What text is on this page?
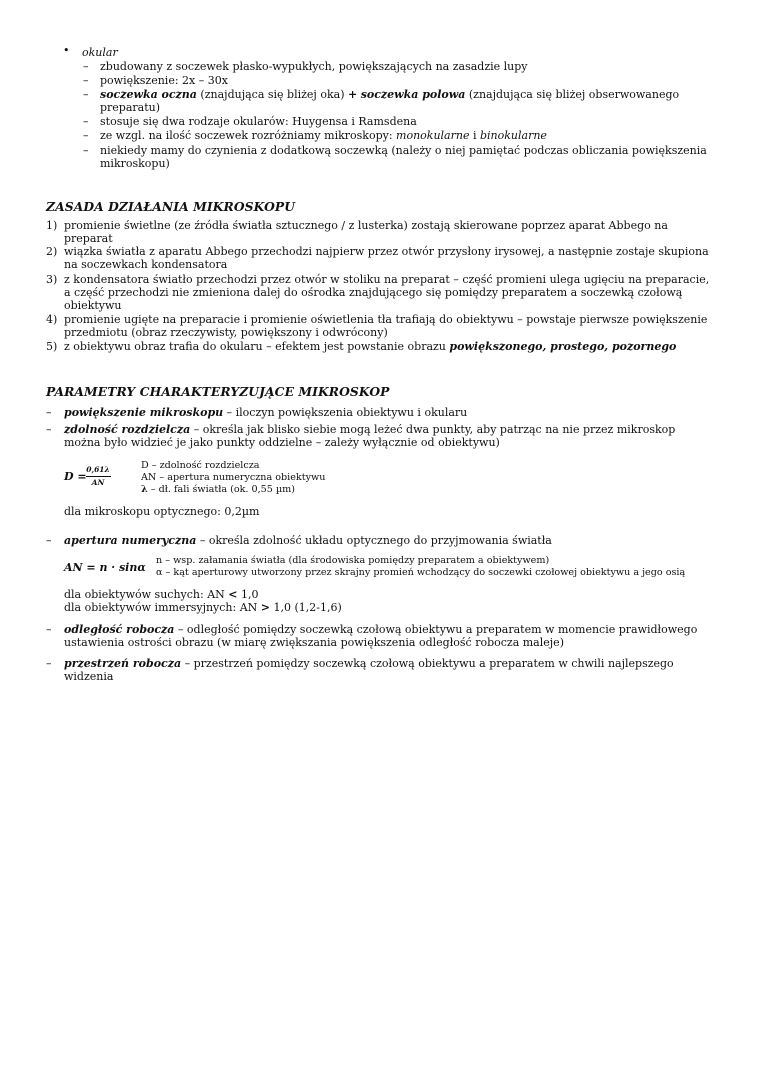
• okular
– zbudowany z soczewek płasko-wypukłych, powiększających na zasadzie lupy
– powiększenie: 2x – 30x
– soczewka oczna (znajdująca się bliżej oka) + soczewka polowa (znajdująca się bliżej obserwowanego
preparatu)
– stosuje się dwa rodzaje okularów: Huygensa i Ramsdena
– ze wzgl. na ilość soczewek rozróżniamy mikroskopy: monokularne i binokularne
– niekiedy mamy do czynienia z dodatkową soczewką (należy o niej pamiętać podczas obliczania powiększenia
mikroskopu)
ZASADA DZIAŁANIA MIKROSKOPU
1) promienie świetlne (ze źródła światła sztucznego / z lusterka) zostają skierowane poprzez aparat Abbego na
preparat
2) wiązka światła z aparatu Abbego przechodzi najpierw przez otwór przysłony irysowej, a następnie zostaje skupiona
na soczewkach kondensatora
3) z kondensatora światło przechodzi przez otwór w stoliku na preparat – część promieni ulega ugięciu na preparacie,
a część przechodzi nie zmieniona dalej do ośrodka znajdującego się pomiędzy preparatem a soczewką czołową
obiektywu
4) promienie ugięte na preparacie i promienie oświetlenia tła trafiają do obiektywu – powstaje pierwsze powiększenie
przedmiotu (obraz rzeczywisty, powiększony i odwrócony)
5) z obiektywu obraz trafia do okularu – efektem jest powstanie obrazu powiększonego, prostego, pozornego
PARAMETRY CHARAKTERYZUJĄCE MIKROSKOP
– powiększenie mikroskopu – iloczyn powiększenia obiektywu i okularu
– zdolność rozdzielcza – określa jak blisko siebie mogą leżeć dwa punkty, aby patrząc na nie przez mikroskop
można było widzieć je jako punkty oddzielne – zależy wyłącznie od obiektywu)
D =
0,61λ
AN
D – zdolność rozdzielcza
AN – apertura numeryczna obiektywu
λ – dł. fali światła (ok. 0,55 µm)
dla mikroskopu optycznego: 0,2µm
– apertura numeryczna – określa zdolność układu optycznego do przyjmowania światła
AN = n · sinα
n – wsp. załamania światła (dla środowiska pomiędzy preparatem a obiektywem)
α – kąt aperturowy utworzony przez skrajny promień wchodzący do soczewki czołowej obiektywu a jego osią
dla obiektywów suchych: AN < 1,0
dla obiektywów immersyjnych: AN > 1,0 (1,2-1,6)
– odległość robocza – odległość pomiędzy soczewką czołową obiektywu a preparatem w momencie prawidłowego
ustawienia ostrości obrazu (w miarę zwiększania powiększenia odległość robocza maleje)
– przestrzeń robocza – przestrzeń pomiędzy soczewką czołową obiektywu a preparatem w chwili najlepszego
widzenia
